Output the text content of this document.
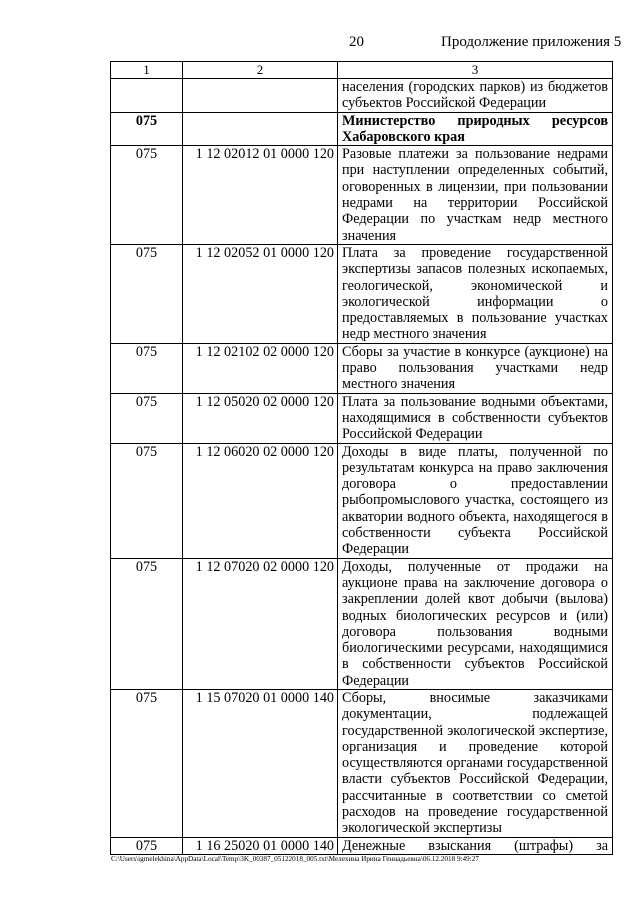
20	Продолжение приложения 5
1	2	3
		населения (городских парков) из бюджетов субъектов Российской Федерации
075		Министерство природных ресурсов Хабаровского края
075	1 12 02012 01 0000 120	Разовые платежи за пользование недрами при наступлении определенных событий, оговоренных в лицензии, при пользовании недрами на территории Российской Федерации по участкам недр местного значения
075	1 12 02052 01 0000 120	Плата за проведение государственной экспертизы запасов полезных ископаемых, геологической, экономической и экологической информации о предоставляемых в пользование участках недр местного значения
075	1 12 02102 02 0000 120	Сборы за участие в конкурсе (аукционе) на право пользования участками недр местного значения
075	1 12 05020 02 0000 120	Плата за пользование водными объектами, находящимися в собственности субъектов Российской Федерации
075	1 12 06020 02 0000 120	Доходы в виде платы, полученной по результатам конкурса на право заключения договора о предоставлении рыбопромыслового участка, состоящего из акватории водного объекта, находящегося в собственности субъекта Российской Федерации
075	1 12 07020 02 0000 120	Доходы, полученные от продажи на аукционе права на заключение договора о закреплении долей квот добычи (вылова) водных биологических ресурсов и (или) договора пользования водными биологическими ресурсами, находящимися в собственности субъектов Российской Федерации
075	1 15 07020 01 0000 140	Сборы, вносимые заказчиками документации, подлежащей государственной экологической экспертизе, организация и проведение которой осуществляются органами государственной власти субъектов Российской Федерации, рассчитанные в соответствии со сметой расходов на проведение государственной экологической экспертизы
075	1 16 25020 01 0000 140	Денежные взыскания (штрафы) за
C:\Users\igmelekhina\AppData\Local\Temp\3K_00387_05122018_005.txt\Мелехина Ирина Геннадьевна\06.12.2018 9:49:27
